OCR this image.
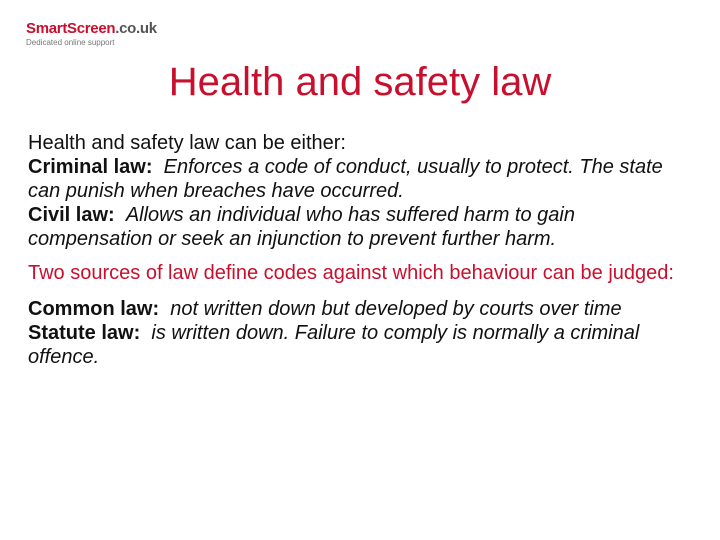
SmartScreen.co.uk
Dedicated online support
Health and safety law

Health and safety law can be either:

Criminal law: Enforces a code of conduct, usually to protect. The state can punish when breaches have occurred.

Civil law: Allows an individual who has suffered harm to gain compensation or seek an injunction to prevent further harm.

Two sources of law define codes against which behaviour can be judged:

Common law: not written down but developed by courts over time

Statute law: is written down. Failure to comply is normally a criminal offence.
